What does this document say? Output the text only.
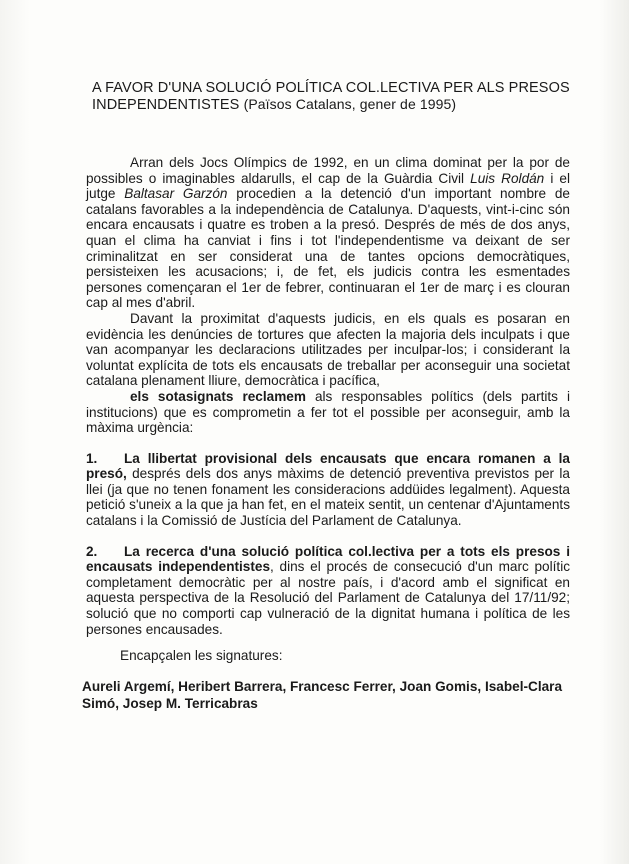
A FAVOR D'UNA SOLUCIÓ POLÍTICA COL.LECTIVA PER ALS PRESOS INDEPENDENTISTES (Països Catalans, gener de 1995)

Arran dels Jocs Olímpics de 1992, en un clima dominat per la por de possibles o imaginables aldarulls, el cap de la Guàrdia Civil Luis Roldán i el jutge Baltasar Garzón procedien a la detenció d'un important nombre de catalans favorables a la independència de Catalunya. D'aquests, vint-i-cinc són encara encausats i quatre es troben a la presó. Després de més de dos anys, quan el clima ha canviat i fins i tot l'independentisme va deixant de ser criminalitzat en ser considerat una de tantes opcions democràtiques, persisteixen les acusacions; i, de fet, els judicis contra les esmentades persones començaran el 1er de febrer, continuaran el 1er de març i es clouran cap al mes d'abril.

Davant la proximitat d'aquests judicis, en els quals es posaran en evidència les denúncies de tortures que afecten la majoria dels inculpats i que van acompanyar les declaracions utilitzades per inculpar-los; i considerant la voluntat explícita de tots els encausats de treballar per aconseguir una societat catalana plenament lliure, democràtica i pacífica,

els sotasignats reclamem als responsables polítics (dels partits i institucions) que es comprometin a fer tot el possible per aconseguir, amb la màxima urgència:

1. La llibertat provisional dels encausats que encara romanen a la presó, després dels dos anys màxims de detenció preventiva previstos per la llei (ja que no tenen fonament les consideracions addüides legalment). Aquesta petició s'uneix a la que ja han fet, en el mateix sentit, un centenar d'Ajuntaments catalans i la Comissió de Justícia del Parlament de Catalunya.

2. La recerca d'una solució política col.lectiva per a tots els presos i encausats independentistes, dins el procés de consecució d'un marc polític completament democràtic per al nostre país, i d'acord amb el significat en aquesta perspectiva de la Resolució del Parlament de Catalunya del 17/11/92; solució que no comporti cap vulneració de la dignitat humana i política de les persones encausades.

Encapçalen les signatures:
Aureli Argemí, Heribert Barrera, Francesc Ferrer, Joan Gomis, Isabel-Clara Simó, Josep M. Terricabras
